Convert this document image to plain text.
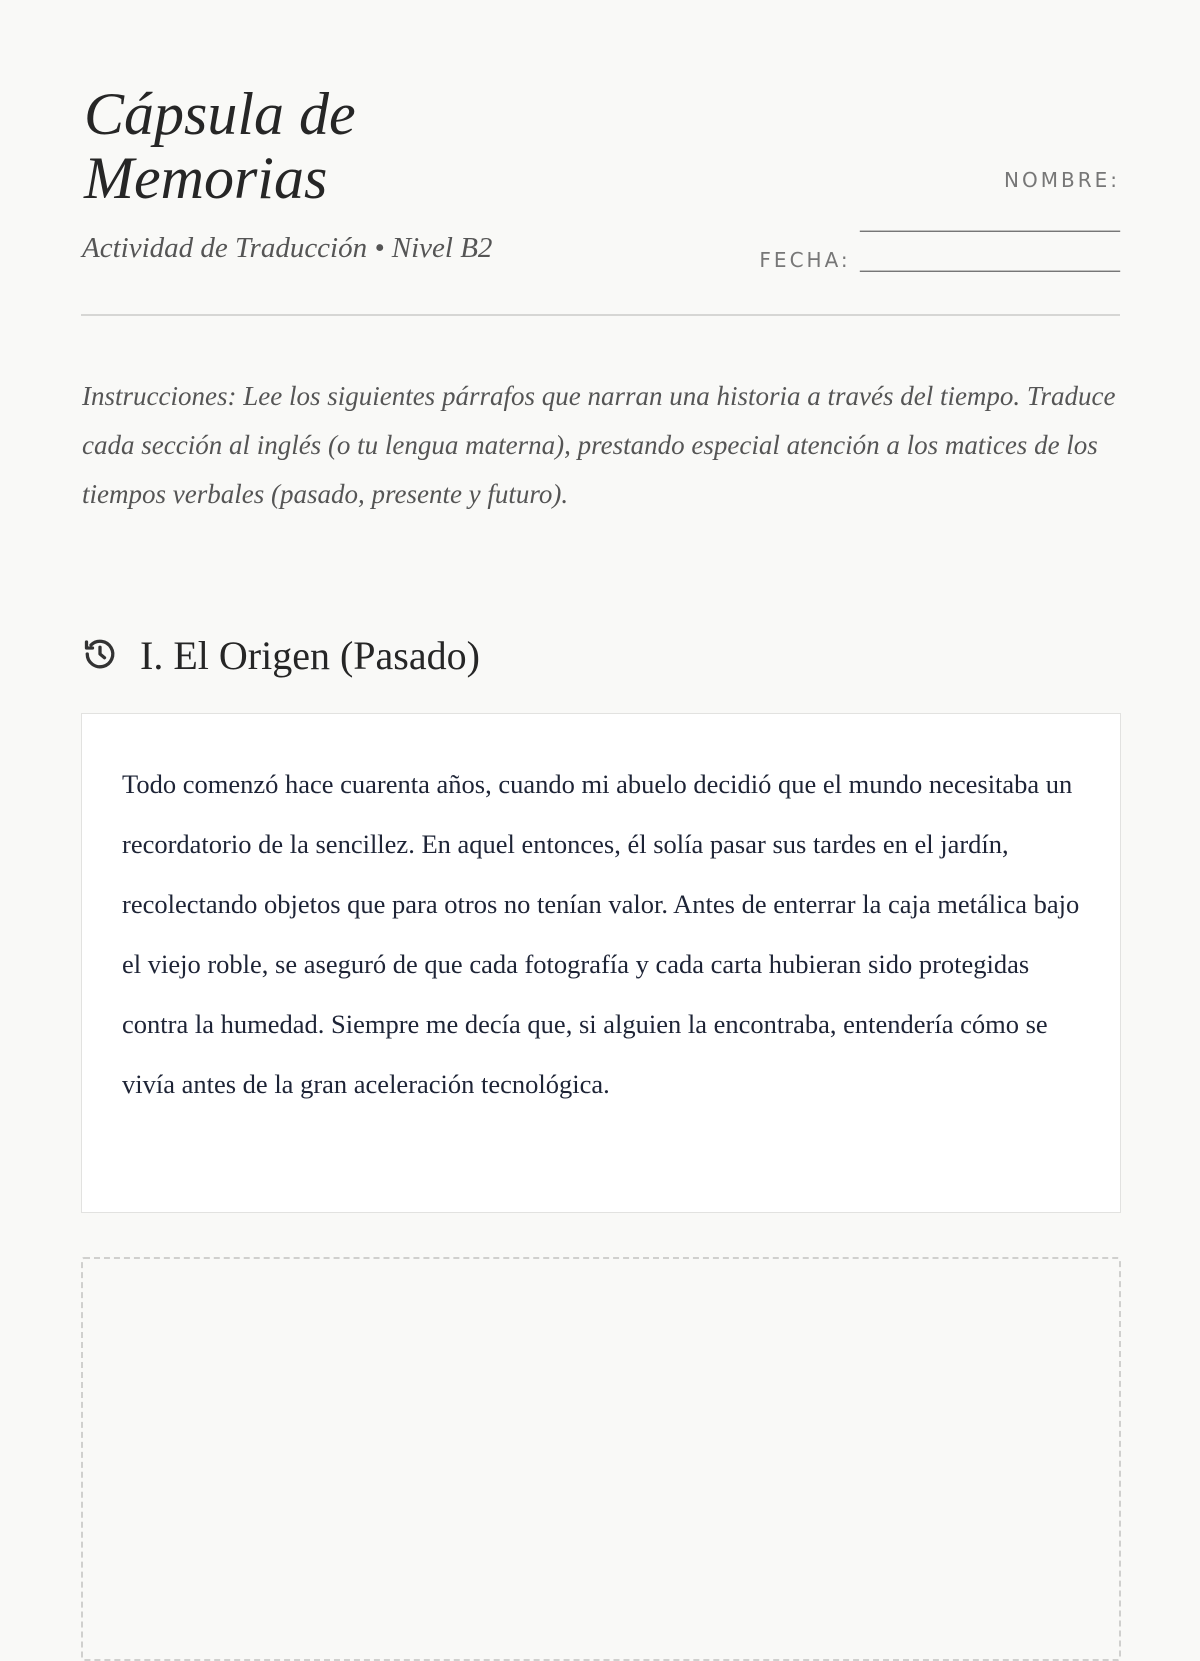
Cápsula de
Memorias
Actividad de Traducción • Nivel B2
NOMBRE:
__________________________
FECHA: __________________________

Instrucciones: Lee los siguientes párrafos que narran una historia a través del tiempo. Traduce cada sección al inglés (o tu lengua materna), prestando especial atención a los matices de los tiempos verbales (pasado, presente y futuro).

I. El Origen (Pasado)

Todo comenzó hace cuarenta años, cuando mi abuelo decidió que el mundo necesitaba un recordatorio de la sencillez. En aquel entonces, él solía pasar sus tardes en el jardín, recolectando objetos que para otros no tenían valor. Antes de enterrar la caja metálica bajo el viejo roble, se aseguró de que cada fotografía y cada carta hubieran sido protegidas contra la humedad. Siempre me decía que, si alguien la encontraba, entendería cómo se vivía antes de la gran aceleración tecnológica.
